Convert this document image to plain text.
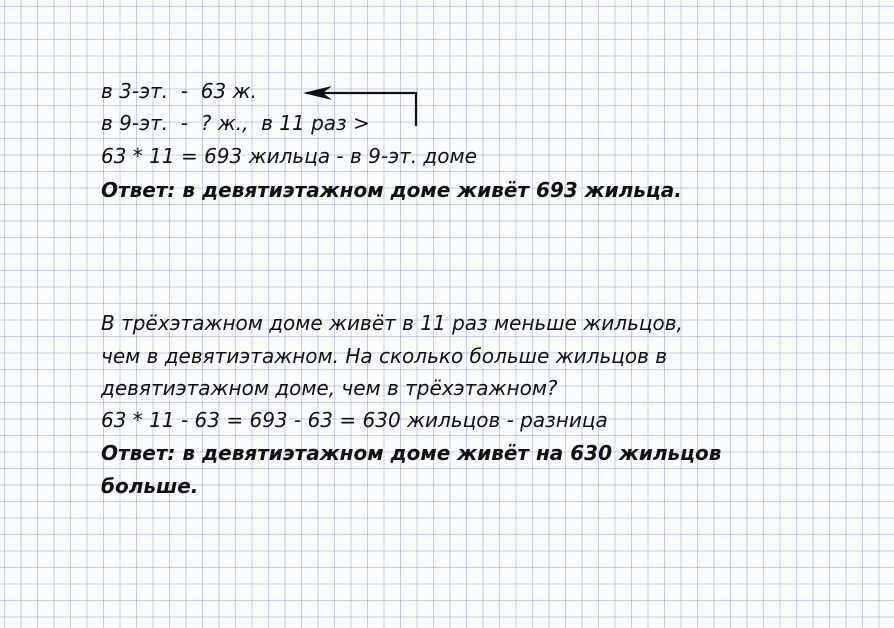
в 3-эт.  -  63 ж.
в 9-эт.  -  ? ж.,  в 11 раз >
63 * 11 = 693 жильца - в 9-эт. доме
Ответ: в девятиэтажном доме живёт 693 жильца.
В трёхэтажном доме живёт в 11 раз меньше жильцов,
чем в девятиэтажном. На сколько больше жильцов в
девятиэтажном доме, чем в трёхэтажном?
63 * 11 - 63 = 693 - 63 = 630 жильцов - разница
Ответ: в девятиэтажном доме живёт на 630 жильцов
больше.
